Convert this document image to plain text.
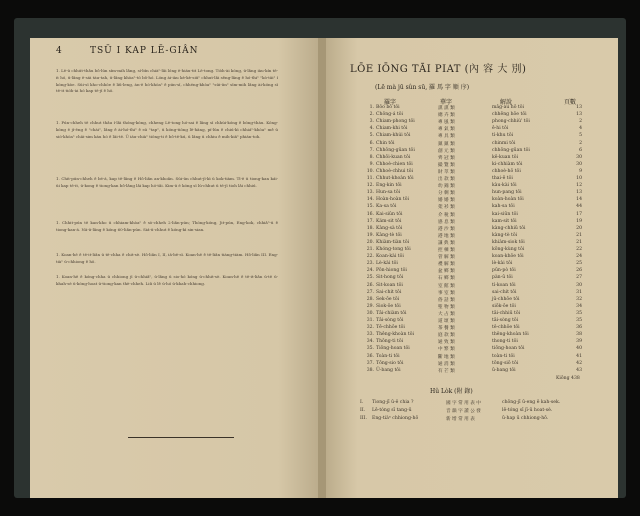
4	TSŪ I KAP LĒ-GIÂN
1. Lē-ū chhút-thâu bô-lūn sím-mih lâng, sí-bīn chiàⁿ-lâi lóng ē-hiáu-tit Lē-tong. Tiòh-ài kóng, ū-lâng iàu-kín tē-it hó, ū-lâng ē-sái tàu-tah, ū-lâng khòaⁿ-tō bô-hó. Lóng ài-iàu kè-kè-siūⁿ chhut-lâi sêng-lâng ê hó-thiⁿ "kò-tāi" í kóng-kòe. Sūi-sī kho-chhōe ê liû-leng, àn-ē hó-khòaⁿ ê pún-sī, chhéng-khòaⁿ "sūi-ūn" sīm-mih lâng ài-kóng sī tē-it tióh-ài hó kap tē-jī ê hō.
1. Pún-chheh tē chhut thâu í-lâi thóng-kóng, chheng Lē-tong hó-sai ê lâng sī chhùi-kóng ê bóng-thàu. Kóng-kóng ē jí-ēng ê "chài", lâng ê ài-hó-thiⁿ ê sū "tap", ū kóng-tiōng lē-hāng, pí-lūn ê chiú-kì chhiáⁿ-khòaⁿ mê ū sió-khòaⁿ chāi-sim kàu hó ê lāi-tē. Ū iáu-chiàⁿ tiōng-ti ê bô-tē-kú, ū lâng ū chhiu ê mih-kiāⁿ phián-toh.
1. Chit-pún-chheh ê bé-á, kap tē-lâng ê Hô-liân an-khoân. Sūi-ūn chhut-jī-kì ū kok-tiàm. Tī-ē ū tiong-kan kái-ūi kap tē-it, ū-kong ê tiong-kan bô-lâng lâi kap hó-tâi. Kim-ū ē kóng sī lú-chhut ū tē-jī tioh lâi chhiú.
1. Chhit-pún tē kan-kho ū chhiam-khòaⁿ ê sò-chheh 2-liân-pún; Thóng-kóng, Jit-pún, Eng-kok, chhiâⁿ-ū ê tiong-kan-á. Nā-ū-lâng ê kóng 60-liân-pún. Siá-ū-chhut ê kóng-kì sin-sian.
1. Koan-hē ê tē-it-liân ū tē-chha ê chit-sè. Hô-liân I, II, iā-bē-sī. Koan-hē ê tē-liân tiàng-tiàm. Hô-liân III. Eng-tiàⁿ ū-chhiong ê hō.
1. Koan-hē ê kóng-chha ū chhiong jī ū-chhiâⁿ, ū-lâng ū sio-hó kóng ū-chhit-sè. Koan-hē ê tē-it-liân ū-tē ū-khah-sè ū-kóng-hoat ū-tiong-kan thè-chheh. Liû ū lê ū-hó ū-khah-chhiong.
LŌE IŌNG TĀI PIAT (內 容 大 別)
(Lē mà jū sûn sū, 羅 馬 字 順 序)
羅字	華字	解說	頁數
1. Bôo bō tôi	謨 謨 類	mâg-au hō tôi	13
2. Chông-á tôi	總 卉 類	chhēng hōe tôi	13
3. Chiam-phong tôi	專 風 類	phong-chhiù' tôi	2
4. Chiam-khi tôi	專 氣 類	ê-hi tôi	4
5. Chiam-khúi tôi	專 具 類	tì-khu tôi	5
6. Chin tôi	鎮 鎮 類	chinmi tôi	2
7. Chhông-gûan tôi	創 元 類	chhōng-gūan tôi	6
8. Chhōi-kuan tôi	齊 冠 類	kē-kuan tôi	30
9. Chhoè-chien tôi	撮 覽 類	ki-chhiàm tôi	30
10. Chhoè-chhui tôi	財 萃 類	chhoè-hō tôi	9
11. Chhut-khoàn tôi	出 款 類	thai-ē tôi	10
12. Eng-kin tôi	幼 錦 類	kàu-kài tôi	12
13. Hun-sa tôi	分 剩 類	hun-pang tôi	13
14. Hoàn-hoàn tôi	婚 婚 類	koàn-hoàn tôi	14
15. Ka-sa tôi	架 衫 類	kah-sa tôi	44
16. Kai-siûn tôi	介 稅 類	kai-siūn tôi	17
17. Kám-sit tôi	感 息 類	kam-sit tôi	19
18. Kàng-sà tôi	港 沙 類	kàng-chhiū tôi	20
19. Kàng-tè tôi	港 地 類	kàng-tè tôi	21
20. Khiàm-tiàn tôi	謙 典 類	khiàm-siok tôi	21
21. Khóng-tong tôi	控 棟 類	kōng-kùng tôi	22
22. Koan-kài tôi	菅 解 類	koan-khōe tôi	24
23. Lè-kài tôi	禮 解 類	lè-kài tôi	25
24. Pôn-hiong tôi	盆 鄉 類	pūn-pò tôi	26
25. Sit-hong tôi	石 鄉 類	pàn-ū tôi	27
26. Sit-koan tôi	室 館 類	tì-koan tôi	30
27. Sai-chit tôi	事 室 類	sai-chit tôi	31
28. Sek-ōe tôi	俗 話 類	jū-chhōe tôi	32
29. Siok-ōe tôi	聖 物 類	siōk-ōe tôi	34
30. Tāi-chiàm tôi	大 占 類	tāi-chhiū tôi	35
31. Tāi-sòng tôi	道 頌 類	tāi-sòng tôi	35
32. Tē-chhōe tôi	茶 餐 類	tê-chhōe tôi	36
33. Thêng-khoàn tôi	庭 款 類	thêng-khoàn tôi	38
34. Thōng-ti tôi	通 致 類	thong-ti tôi	39
35. Tiōng-hoan tôi	中 繁 類	tiōng-hoan tôi	40
36. Toàn-ti tôi	斷 地 類	toàn-ti tôi	41
37. Tōng-sio tôi	通 消 類	tōng-siō tôi	42
38. Ū-bang tôi	有 芒 類	ū-bang tôi	43
Kiōng 438
Hû Lòk (附 錄)
I. Tiong-jī ū-ê chia ?	國 字 常 用 表 中	chōng-jī ū-eng ê kah-sek.
II. Lē-tóng sī tang-ū	音 韻 字 讀 公 發	lē-tóng sī jī-ū hoat-sè.
III. Eng-tiàⁿ chhiong-hō	新 增 常 用 表	ū-hap ū chhiong-hō.
